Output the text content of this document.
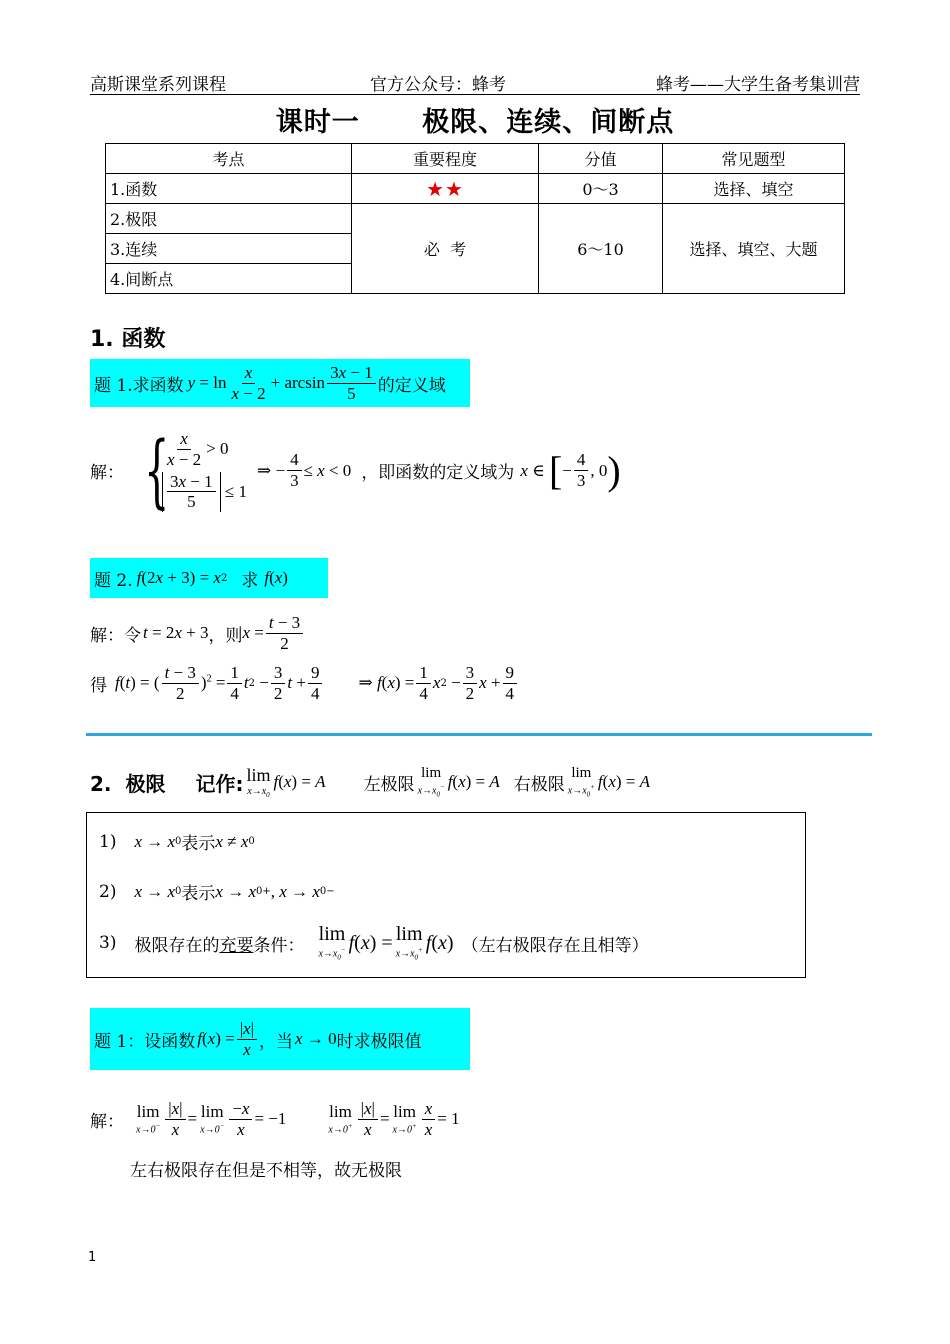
高斯课堂系列课程	官方公众号：蜂考	蜂考——大学生备考集训营
课时一      极限、连续、间断点
考点	重要程度	分值	常见题型
1.函数	★★	0～3	选择、填空
2.极限	必  考	6～10	选择、填空、大题
3.连续			
4.间断点			
1. 函数
题 1.求函数 $y = \ln \frac{x}{x - 2} + \arcsin \frac{3x - 1}{5}$ 的定义域
解： {
$\frac{x}{x - 2} > 0$
$\frac{3x - 1}{5} \le 1$
⇒ − $\frac{4}{3} \le x < 0$ ，即函数的定义域为 x ∈ [ − $\frac{4}{3}$ , 0 )
题 2. f (2 x + 3) = x 2 求 f ( x )
解：令 t = 2 x + 3 ，则 $x = \frac{t - 3}{2}$
得 f ( t ) = ( $\frac{t - 3}{2} )^2 = \frac{1}{4}$ t $2 - \frac{3}{2}$ $t + \frac{9}{4}$ ⇒ f ( x ) = $\frac{1}{4}$ x $2 - \frac{3}{2}$ $x + \frac{9}{4}$
2.  极限 记作: lim
$x\to x_0$
f ( x ) = A 左极限
lim
$x\to x_0^-$ f ( x ) = A 右极限
lim
$x\to x_0^+$ f ( x ) = A
1) x → x 0 表示 x ≠ x 0
2) x → x 0 表示 x → x 0 + , x → x 0 −
3) 极限存在的 充要 条件：
lim
$x\to x_0^-$ f ( x ) = lim
$x\to x_0^+$ f ( x ) （左右极限存在且相等）
题 1：设函数 f ( x ) = $\frac{|x|}{x}$ ，当 x → 0 时求极限值
解：
lim
$x\to 0^- \frac{|x|}{x} = \lim$
$x\to 0^- \frac{-x}{x} = -1$	lim
$x\to 0^+ \frac{|x|}{x} = \lim$
$x\to 0^+ \frac{x}{x} = 1$
左右极限存在但是不相等，故无极限
1
